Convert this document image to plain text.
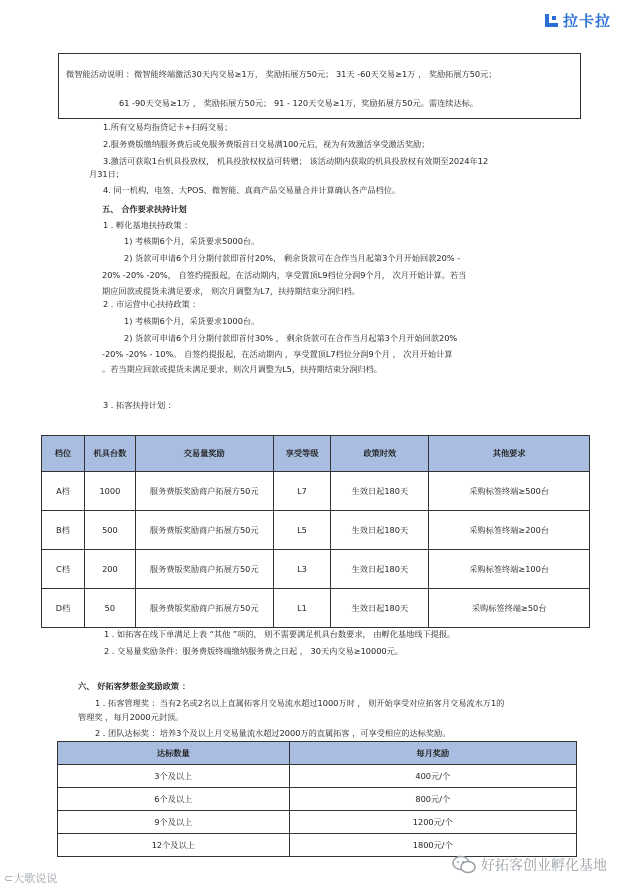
拉卡拉
微智能活动说明 ：微智能终端激活30天内交易≥1万， 奖励拓展方50元； 31天 -60天交易≥1万 ， 奖励拓展方50元；
61 -90天交易≥1万 ， 奖励拓展方50元； 91 - 120天交易≥1万，奖励拓展方50元。需连续达标。
1.所有交易均指贷记卡+扫码交易；
2.服务费版缴纳服务费后或免服务费版首日交易满100元后，视为有效激活享受激活奖励；
3.激活可获取1台机具投放权， 机具投放权权益可转赠； 该活动期内获取的机具投放权有效期至2024年12
月31日；
4. 同一机构，电签、大POS、微智能、真商产品交易量合并计算确认各产品档位。
五、 合作要求扶持计划
1 . 孵化基地扶持政策 ：
1) 考核期6个月，采货要求5000台。
2) 货款可申请6个月分期付款即首付20%， 剩余货款可在合作当月起第3个月开始回款20% -
20% -20% -20%， 自签约提报起，在活动期内，享受置顶L9档位分润9个月， 次月开始计算。若当
期应回款或提货未满足要求， 则次月调整为L7，扶持期结束分润归档。
2 . 市运营中心扶持政策 ：
1) 考核期6个月，采货要求1000台。
2) 货款可申请6个月分期付款即首付30% ， 剩余货款可在合作当月起第3个月开始回款20%
-20% -20% - 10%。 自签约提报起，在活动期内 ，享受置顶L7档位分润9个月 ， 次月开始计算
。若当期应回款或提货未满足要求，则次月调整为L5，扶持期结束分润归档。
3 . 拓客扶持计划 ：
档位	机具台数	交易量奖励	享受等级	政策时效	其他要求
A档	1000	服务费版奖励商户拓展方50元	L7	生效日起180天	采购标签终端≥500台
B档	500	服务费版奖励商户拓展方50元	L5	生效日起180天	采购标签终端≥200台
C档	200	服务费版奖励商户拓展方50元	L3	生效日起180天	采购标签终端≥100台
D档	50	服务费版奖励商户拓展方50元	L1	生效日起180天	采购标签终端≥50台
1 . 如拓客在线下单满足上表 “其他 ”项的， 则不需要满足机具台数要求， 由孵化基地线下提报。
2 . 交易量奖励条件：服务费版终端缴纳服务费之日起 ， 30天内交易≥10000元。
六、 好拓客梦想金奖励政策 ：
1 . 拓客管理奖 ：当有2名或2名以上直属拓客月交易流水超过1000万时 ， 则开始享受对应拓客月交易流水万1的
管理奖 ，每月2000元封顶。
2 . 团队达标奖 ：培养3个及以上月交易量流水超过2000万的直属拓客 ，可享受相应的达标奖励。
达标数量	每月奖励
3个及以上	400元/个
6个及以上	800元/个
9个及以上	1200元/个
12个及以上	1800元/个
⊂大歌说说
好拓客创业孵化基地
